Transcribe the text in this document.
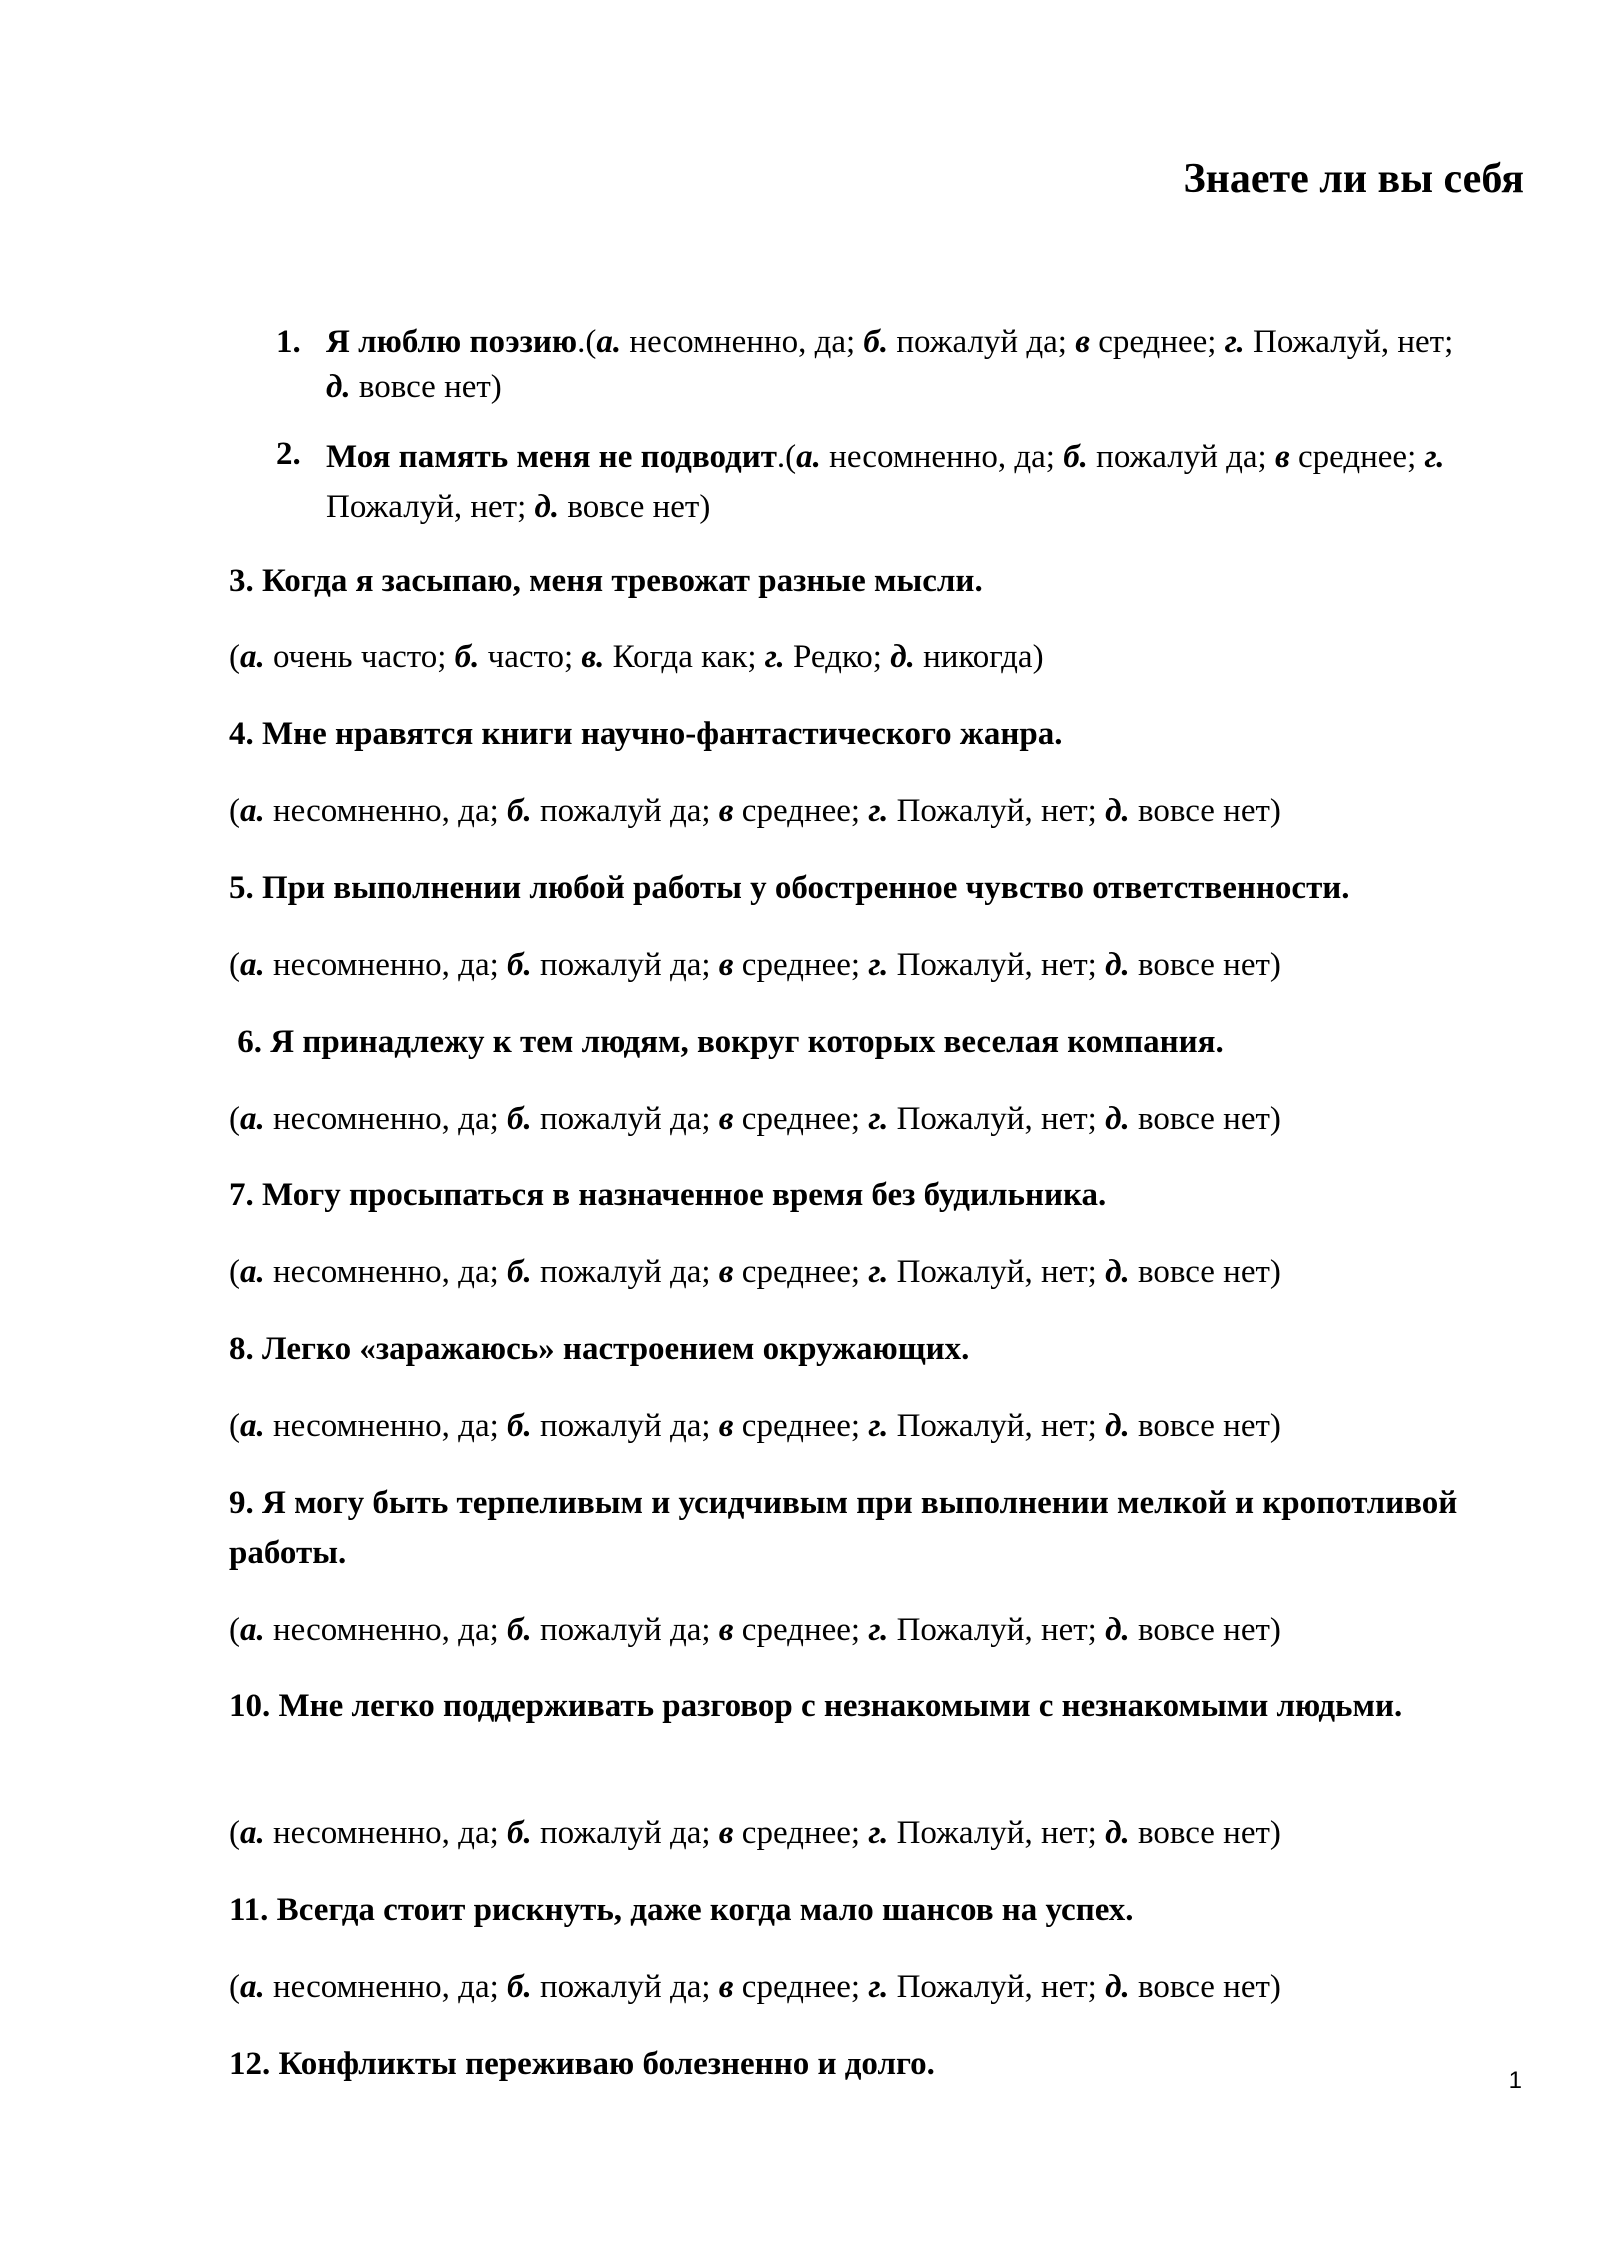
Знаете ли вы себя
1. Я люблю поэзию.(а. несомненно, да; б. пожалуй да; в среднее; г. Пожалуй, нет; д. вовсе нет)
2. Моя память меня не подводит.(а. несомненно, да; б. пожалуй да; в среднее; г. Пожалуй, нет; д. вовсе нет)

3. Когда я засыпаю, меня тревожат разные мысли.

(а. очень часто; б. часто; в. Когда как; г. Редко; д. никогда)

4. Мне нравятся книги научно-фантастического жанра.

(а. несомненно, да; б. пожалуй да; в среднее; г. Пожалуй, нет; д. вовсе нет)

5. При выполнении любой работы у обостренное чувство ответственности.

(а. несомненно, да; б. пожалуй да; в среднее; г. Пожалуй, нет; д. вовсе нет)

6. Я принадлежу к тем людям, вокруг которых веселая компания.

(а. несомненно, да; б. пожалуй да; в среднее; г. Пожалуй, нет; д. вовсе нет)

7. Могу просыпаться в назначенное время без будильника.

(а. несомненно, да; б. пожалуй да; в среднее; г. Пожалуй, нет; д. вовсе нет)

8. Легко «заражаюсь» настроением окружающих.

(а. несомненно, да; б. пожалуй да; в среднее; г. Пожалуй, нет; д. вовсе нет)

9. Я могу быть терпеливым и усидчивым при выполнении мелкой и кропотливой работы.

(а. несомненно, да; б. пожалуй да; в среднее; г. Пожалуй, нет; д. вовсе нет)

10. Мне легко поддерживать разговор с незнакомыми с незнакомыми людьми.

(а. несомненно, да; б. пожалуй да; в среднее; г. Пожалуй, нет; д. вовсе нет)

11. Всегда стоит рискнуть, даже когда мало шансов на успех.

(а. несомненно, да; б. пожалуй да; в среднее; г. Пожалуй, нет; д. вовсе нет)

12. Конфликты переживаю болезненно и долго.	1
